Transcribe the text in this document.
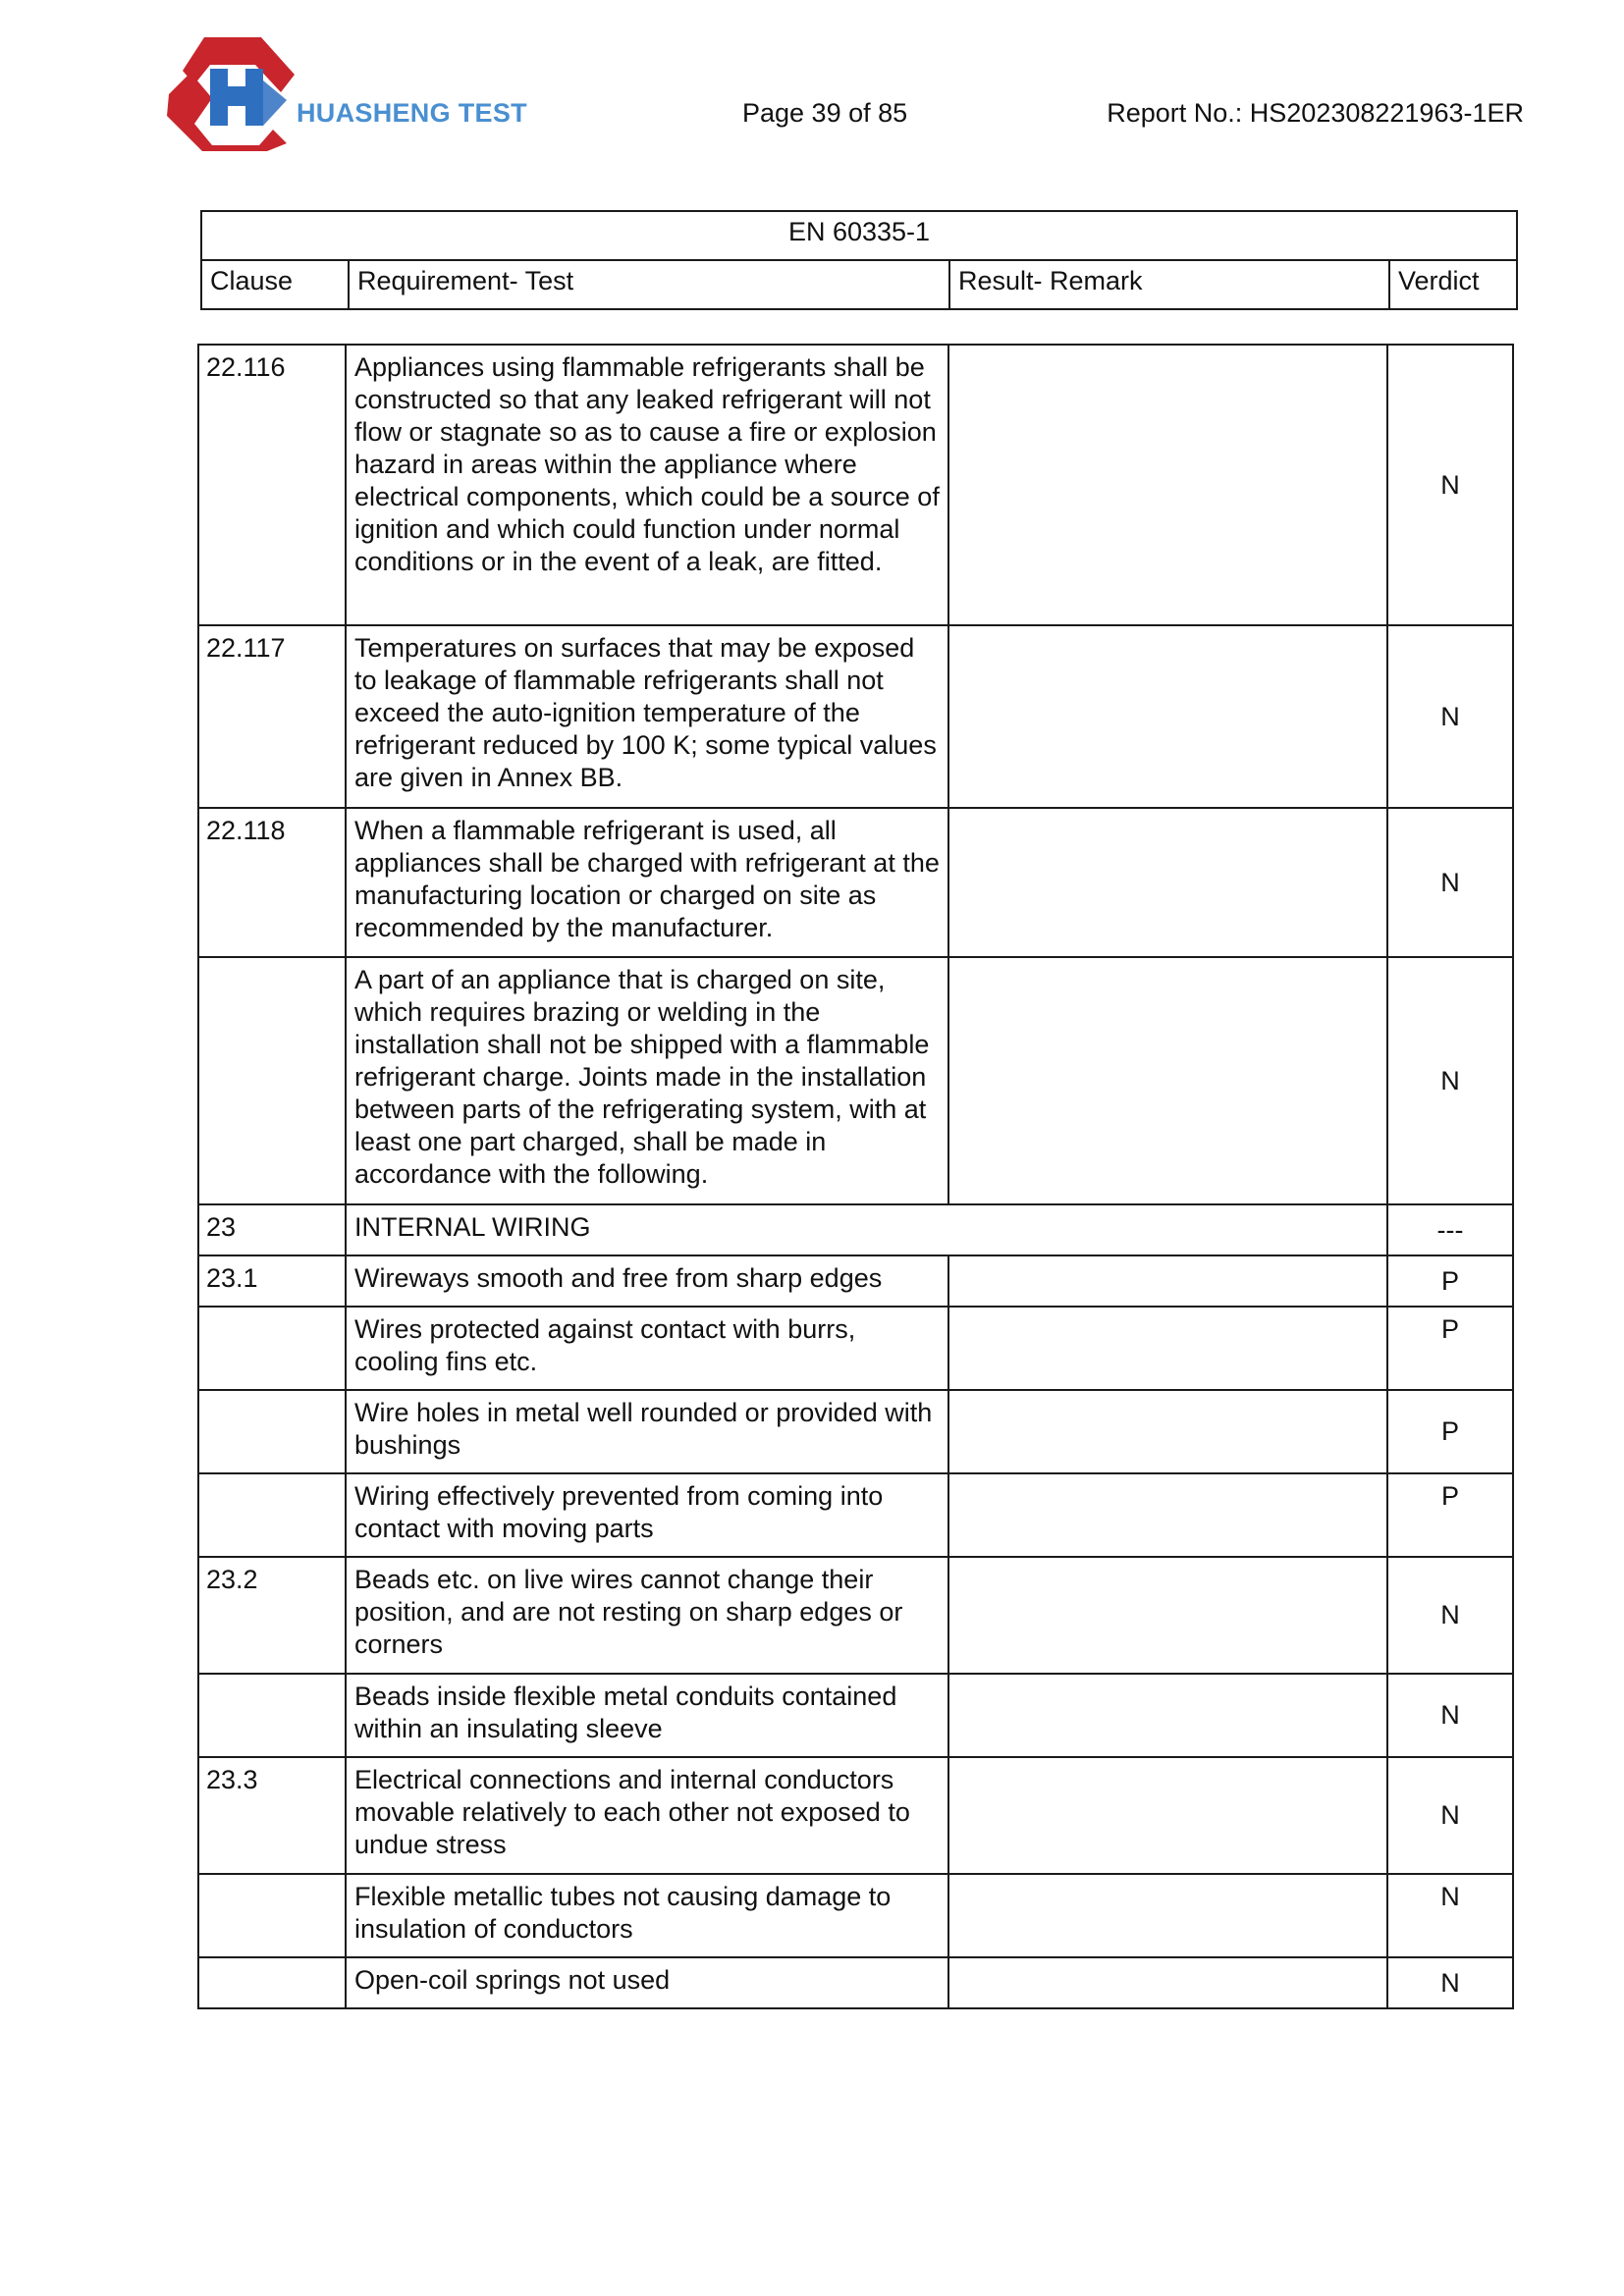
HUASHENG TEST	Page 39 of 85	Report No.: HS202308221963-1ER
EN 60335-1
Clause	Requirement- Test	Result- Remark	Verdict
22.116	Appliances using flammable refrigerants shall be constructed so that any leaked refrigerant will not flow or stagnate so as to cause a fire or explosion hazard in areas within the appliance where electrical components, which could be a source of ignition and which could function under normal conditions or in the event of a leak, are fitted.		N
22.117	Temperatures on surfaces that may be exposed to leakage of flammable refrigerants shall not exceed the auto-ignition temperature of the refrigerant reduced by 100 K; some typical values are given in Annex BB.		N
22.118	When a flammable refrigerant is used, all appliances shall be charged with refrigerant at the manufacturing location or charged on site as recommended by the manufacturer.		N
	A part of an appliance that is charged on site, which requires brazing or welding in the installation shall not be shipped with a flammable refrigerant charge. Joints made in the installation between parts of the refrigerating system, with at least one part charged, shall be made in accordance with the following.		N
23	INTERNAL WIRING		---
23.1	Wireways smooth and free from sharp edges		P
	Wires protected against contact with burrs, cooling fins etc.		P
	Wire holes in metal well rounded or provided with bushings		P
	Wiring effectively prevented from coming into contact with moving parts		P
23.2	Beads etc. on live wires cannot change their position, and are not resting on sharp edges or corners		N
	Beads inside flexible metal conduits contained within an insulating sleeve		N
23.3	Electrical connections and internal conductors movable relatively to each other not exposed to undue stress		N
	Flexible metallic tubes not causing damage to insulation of conductors		N
	Open-coil springs not used		N
